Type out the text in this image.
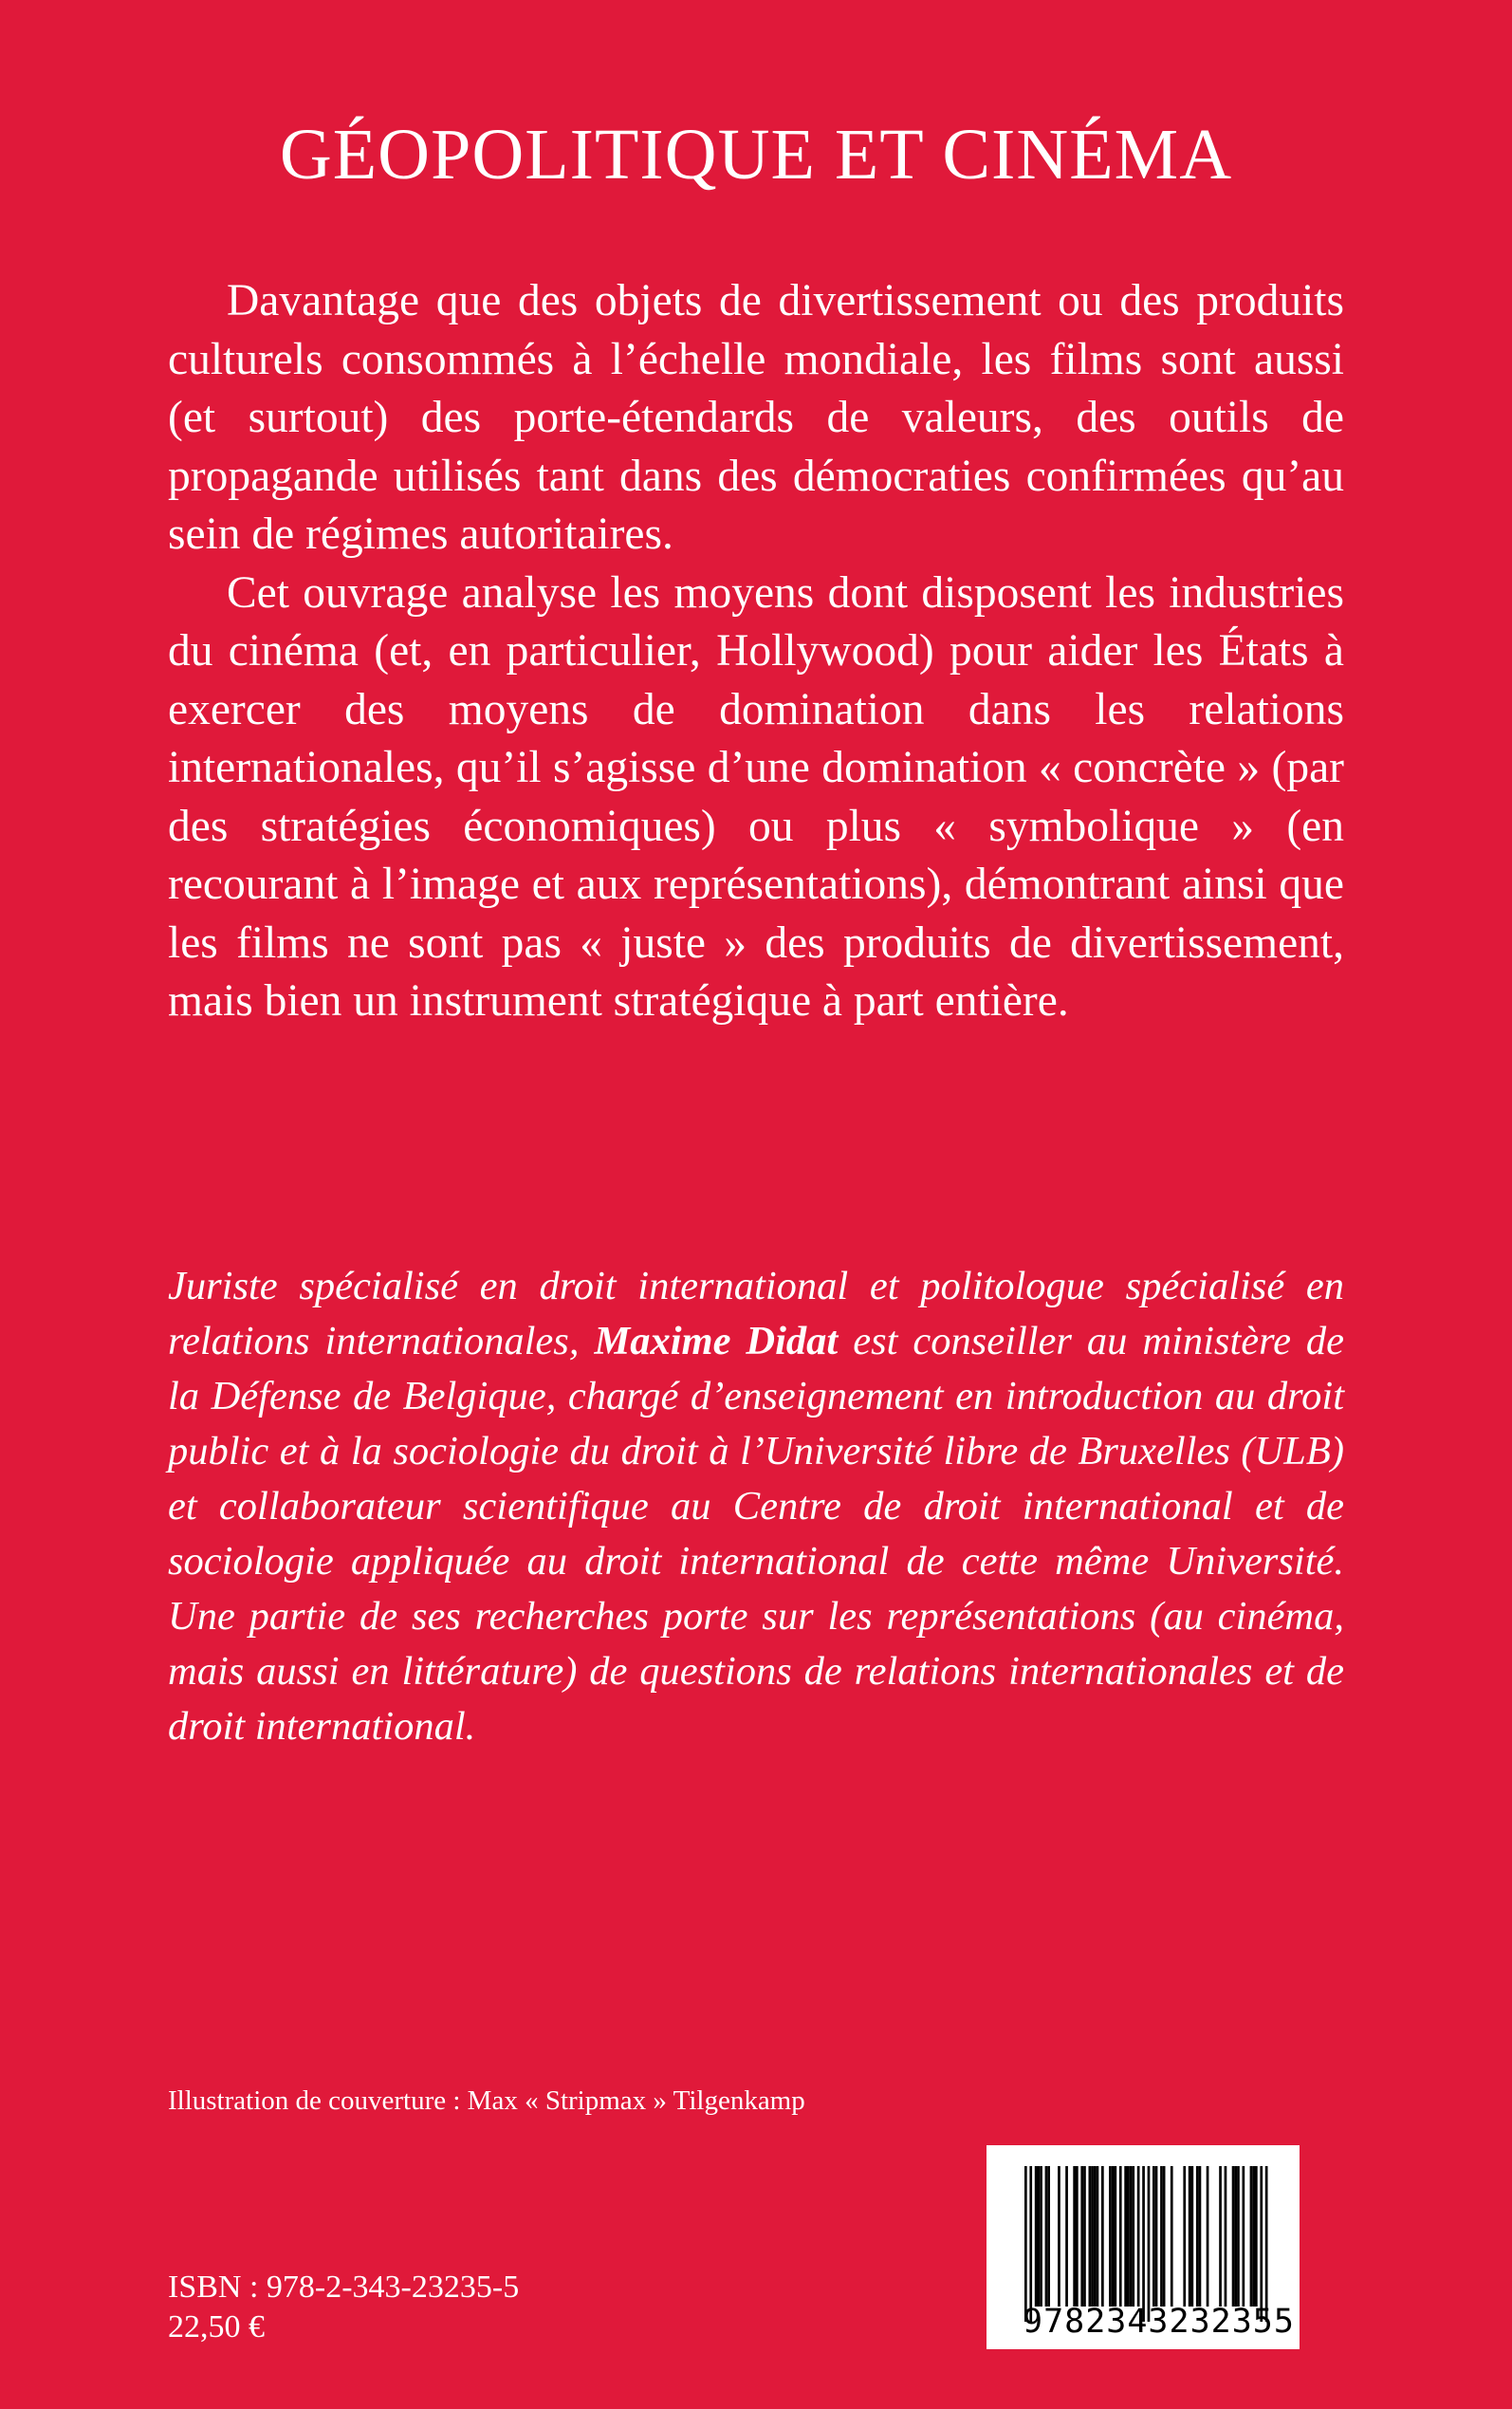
GÉOPOLITIQUE ET CINÉMA

Davantage que des objets de divertissement ou des produits culturels consommés à l’échelle mondiale, les films sont aussi (et surtout) des porte-étendards de valeurs, des outils de propagande utilisés tant dans des démocraties confirmées qu’au sein de régimes autoritaires.

Cet ouvrage analyse les moyens dont disposent les industries du cinéma (et, en particulier, Hollywood) pour aider les États à exercer des moyens de domination dans les relations internationales, qu’il s’agisse d’une domination « concrète » (par des stratégies économiques) ou plus « symbolique » (en recourant à l’image et aux représentations), démontrant ainsi que les films ne sont pas « juste » des produits de divertissement, mais bien un instrument stratégique à part entière.

Juriste spécialisé en droit international et politologue spécialisé en relations internationales, Maxime Didat est conseiller au ministère de la Défense de Belgique, chargé d’enseignement en introduction au droit public et à la sociologie du droit à l’Université libre de Bruxelles (ULB) et collaborateur scientifique au Centre de droit international et de sociologie appliquée au droit international de cette même Université. Une partie de ses recherches porte sur les représentations (au cinéma, mais aussi en littérature) de questions de relations internationales et de droit international.

Illustration de couverture : Max « Stripmax » Tilgenkamp

ISBN : 978-2-343-23235-5

22,50 €	9782343232355
